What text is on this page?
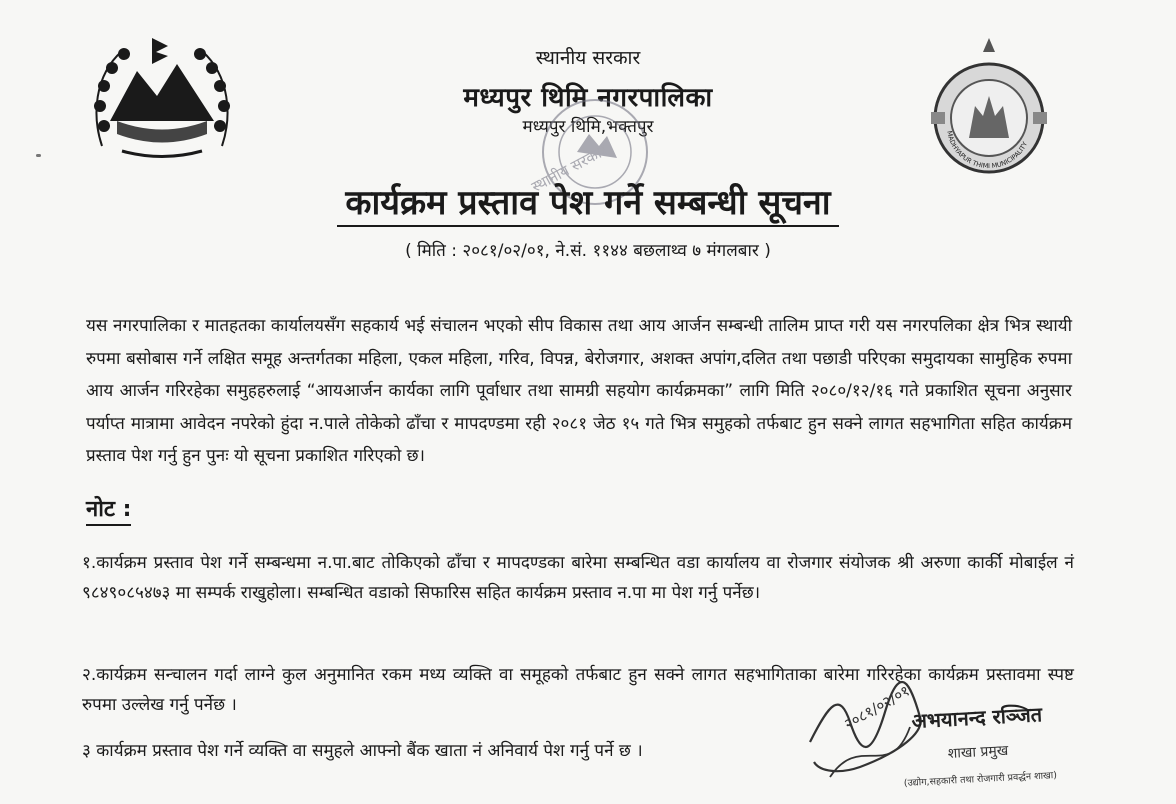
MADHYAPUR THIMI MUNICIPALITY
स्थानीय सरकार
मध्यपुर थिमि नगरपालिका
मध्यपुर थिमि,भक्तपुर
स्थानीय सरकार
कार्यक्रम प्रस्ताव पेश गर्ने सम्बन्धी सूचना
( मिति : २०८१/०२/०१, ने.सं. ११४४ बछलाथ्व ७ मंगलबार )
यस नगरपालिका र मातहतका कार्यालयसँग सहकार्य भई संचालन भएको सीप विकास तथा आय आर्जन सम्बन्धी तालिम प्राप्त गरी यस नगरपलिका क्षेत्र भित्र स्थायी रुपमा बसोबास गर्ने लक्षित समूह अन्तर्गतका महिला, एकल महिला, गरिव, विपन्न, बेरोजगार, अशक्त अपांग,दलित तथा पछाडी परिएका समुदायका सामुहिक रुपमा आय आर्जन गरिरहेका समुहहरुलाई “आयआर्जन कार्यका लागि पूर्वाधार तथा सामग्री सहयोग कार्यक्रमका” लागि मिति २०८०/१२/१६ गते प्रकाशित सूचना अनुसार पर्याप्त मात्रामा आवेदन नपरेको हुंदा न.पाले तोकेको ढाँचा र मापदण्डमा रही २०८१ जेठ १५ गते भित्र समुहको तर्फबाट हुन सक्ने लागत सहभागिता सहित कार्यक्रम प्रस्ताव पेश गर्नु हुन पुनः यो सूचना प्रकाशित गरिएको छ।
नोट :
१.कार्यक्रम प्रस्ताव पेश गर्ने सम्बन्धमा न.पा.बाट तोकिएको ढाँचा र मापदण्डका बारेमा सम्बन्धित वडा कार्यालय वा रोजगार संयोजक श्री अरुणा कार्की मोबाईल नं ९८४९०८५४७३ मा सम्पर्क राखुहोला। सम्बन्धित वडाको सिफारिस सहित कार्यक्रम प्रस्ताव न.पा मा पेश गर्नु पर्नेछ।
२.कार्यक्रम सन्चालन गर्दा लाग्ने कुल अनुमानित रकम मध्य व्यक्ति वा समूहको तर्फबाट हुन सक्ने लागत सहभागिताका बारेमा गरिरहेका कार्यक्रम प्रस्तावमा स्पष्ट रुपमा उल्लेख गर्नु पर्नेछ ।
३ कार्यक्रम प्रस्ताव पेश गर्ने व्यक्ति वा समुहले आफ्नो बैंक खाता नं अनिवार्य पेश गर्नु पर्ने छ ।
२०८१/०२/०१
अभयानन्द रञ्जित
शाखा प्रमुख
(उद्योग,सहकारी तथा रोजगारी प्रवर्द्धन शाखा)
